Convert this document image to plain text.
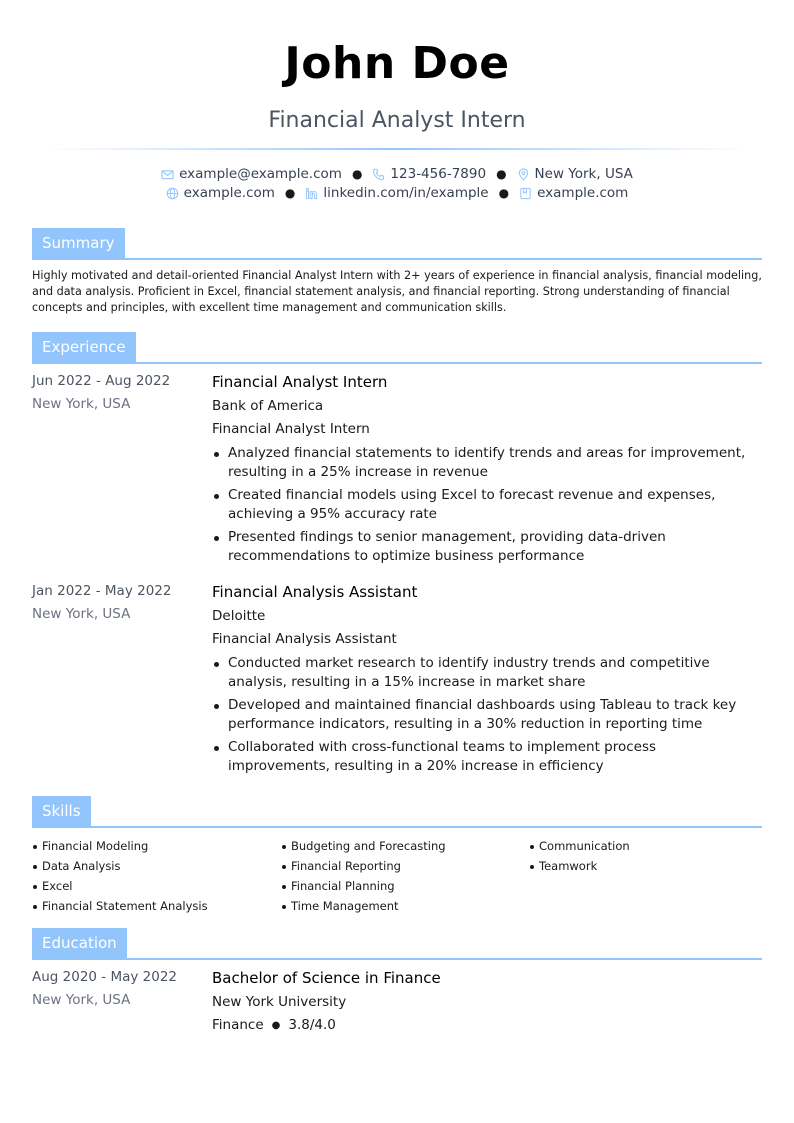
John Doe
Financial Analyst Intern
example@example.com ● 123-456-7890 ● New York, USA
example.com ● linkedin.com/in/example ● example.com
Summary
Highly motivated and detail-oriented Financial Analyst Intern with 2+ years of experience in financial analysis, financial modeling, and data analysis. Proficient in Excel, financial statement analysis, and financial reporting. Strong understanding of financial concepts and principles, with excellent time management and communication skills.
Experience
Jun 2022 - Aug 2022
New York, USA
Financial Analyst Intern
Bank of America
Financial Analyst Intern
Analyzed financial statements to identify trends and areas for improvement, resulting in a 25% increase in revenue
Created financial models using Excel to forecast revenue and expenses, achieving a 95% accuracy rate
Presented findings to senior management, providing data-driven recommendations to optimize business performance
Jan 2022 - May 2022
New York, USA
Financial Analysis Assistant
Deloitte
Financial Analysis Assistant
Conducted market research to identify industry trends and competitive analysis, resulting in a 15% increase in market share
Developed and maintained financial dashboards using Tableau to track key performance indicators, resulting in a 30% reduction in reporting time
Collaborated with cross-functional teams to implement process improvements, resulting in a 20% increase in efficiency
Skills
Financial Modeling
Data Analysis
Excel
Financial Statement Analysis
Budgeting and Forecasting
Financial Reporting
Financial Planning
Time Management
Communication
Teamwork
Education
Aug 2020 - May 2022
New York, USA
Bachelor of Science in Finance
New York University
Finance ● 3.8/4.0
